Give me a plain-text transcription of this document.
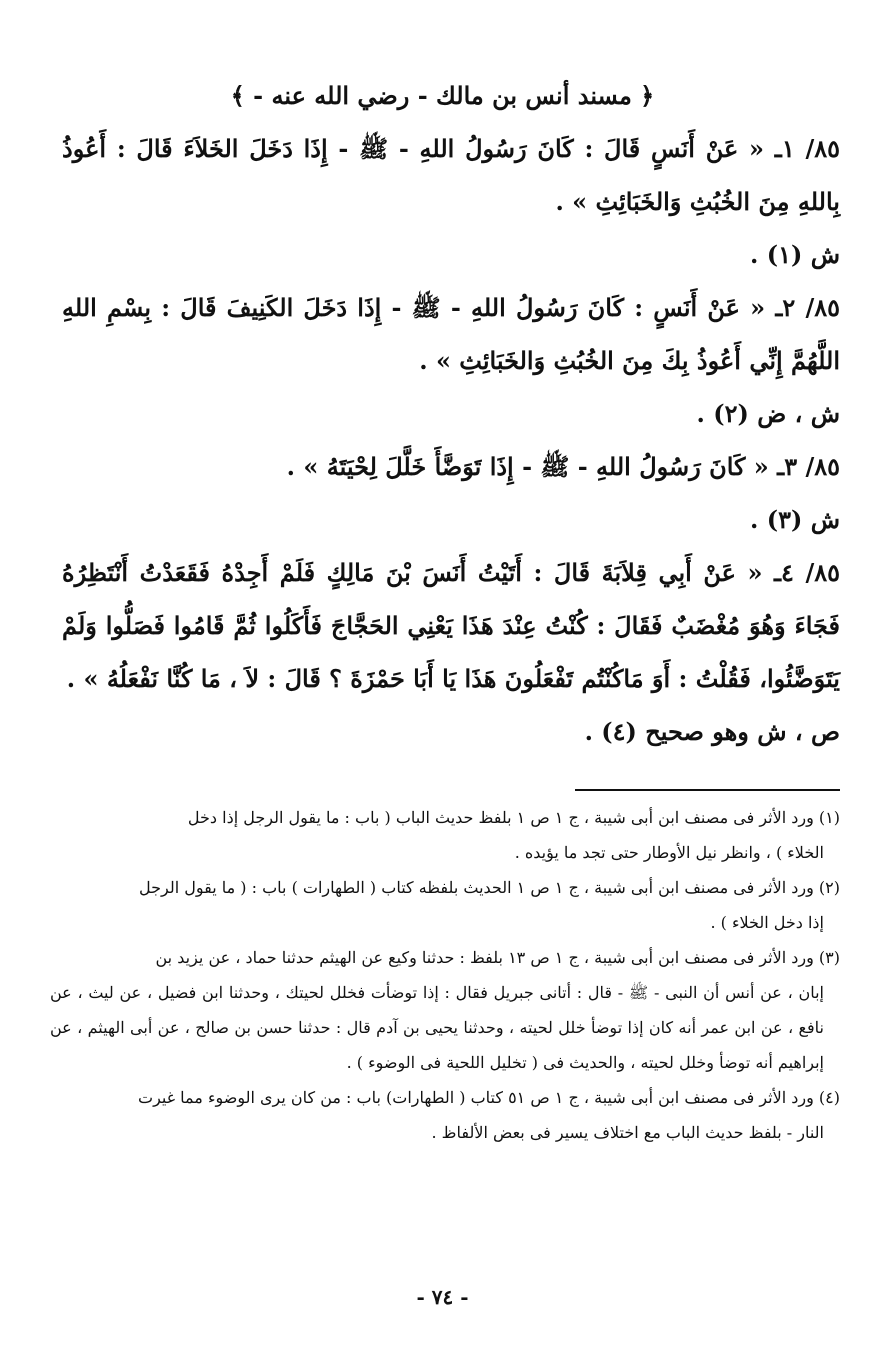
﴿ مسند أنس بن مالك - رضي الله عنه - ﴾

٨٥/ ١ـ « عَنْ أَنَسٍ قَالَ : كَانَ رَسُولُ اللهِ - ﷺ - إِذَا دَخَلَ الخَلاَءَ قَالَ : أَعُوذُ بِاللهِ مِنَ الخُبُثِ وَالخَبَائِثِ » .

ش (١) .

٨٥/ ٢ـ « عَنْ أَنَسٍ : كَانَ رَسُولُ اللهِ - ﷺ - إِذَا دَخَلَ الكَنِيفَ قَالَ : بِسْمِ اللهِ اللَّهُمَّ إِنِّي أَعُوذُ بِكَ مِنَ الخُبُثِ وَالخَبَائِثِ » .

ش ، ض (٢) .

٨٥/ ٣ـ « كَانَ رَسُولُ اللهِ - ﷺ - إِذَا تَوَضَّأَ خَلَّلَ لِحْيَتَهُ » .

ش (٣) .

٨٥/ ٤ـ « عَنْ أَبِي قِلاَبَةَ قَالَ : أَتَيْتُ أَنَسَ بْنَ مَالِكٍ فَلَمْ أَجِدْهُ فَقَعَدْتُ أَنْتَظِرُهُ فَجَاءَ وَهُوَ مُغْضَبٌ فَقَالَ : كُنْتُ عِنْدَ هَذَا يَعْنِي الحَجَّاجَ فَأَكَلُوا ثُمَّ قَامُوا فَصَلُّوا وَلَمْ يَتَوَضَّئُوا، فَقُلْتُ : أَوَ مَاكُنْتُم تَفْعَلُونَ هَذَا يَا أَبَا حَمْزَةَ ؟ قَالَ : لاَ ، مَا كُنَّا نَفْعَلُهُ » .

ص ، ش وهو صحيح (٤) .

(١) ورد الأثر فى مصنف ابن أبى شيبة ، ج ١ ص ١ بلفظ حديث الباب ( باب : ما يقول الرجل إذا دخل

الخلاء ) ، وانظر نيل الأوطار حتى تجد ما يؤيده .

(٢) ورد الأثر فى مصنف ابن أبى شيبة ، ج ١ ص ١ الحديث بلفظه كتاب ( الطهارات ) باب : ( ما يقول الرجل

إذا دخل الخلاء ) .

(٣) ورد الأثر فى مصنف ابن أبى شيبة ، ج ١ ص ١٣ بلفظ : حدثنا وكيع عن الهيثم حدثنا حماد ، عن يزيد بن

إبان ، عن أنس أن النبى - ﷺ - قال : أتانى جبريل فقال : إذا توضأت فخلل لحيتك ، وحدثنا ابن فضيل ، عن ليث ، عن نافع ، عن ابن عمر أنه كان إذا توضأ خلل لحيته ، وحدثنا يحيى بن آدم قال : حدثنا حسن بن صالح ، عن أبى الهيثم ، عن إبراهيم أنه توضأ وخلل لحيته ، والحديث فى ( تخليل اللحية فى الوضوء ) .

(٤) ورد الأثر فى مصنف ابن أبى شيبة ، ج ١ ص ٥١ كتاب ( الطهارات) باب : من كان يرى الوضوء مما غيرت

النار - بلفظ حديث الباب مع اختلاف يسير فى بعض الألفاظ .

- ٧٤ -
